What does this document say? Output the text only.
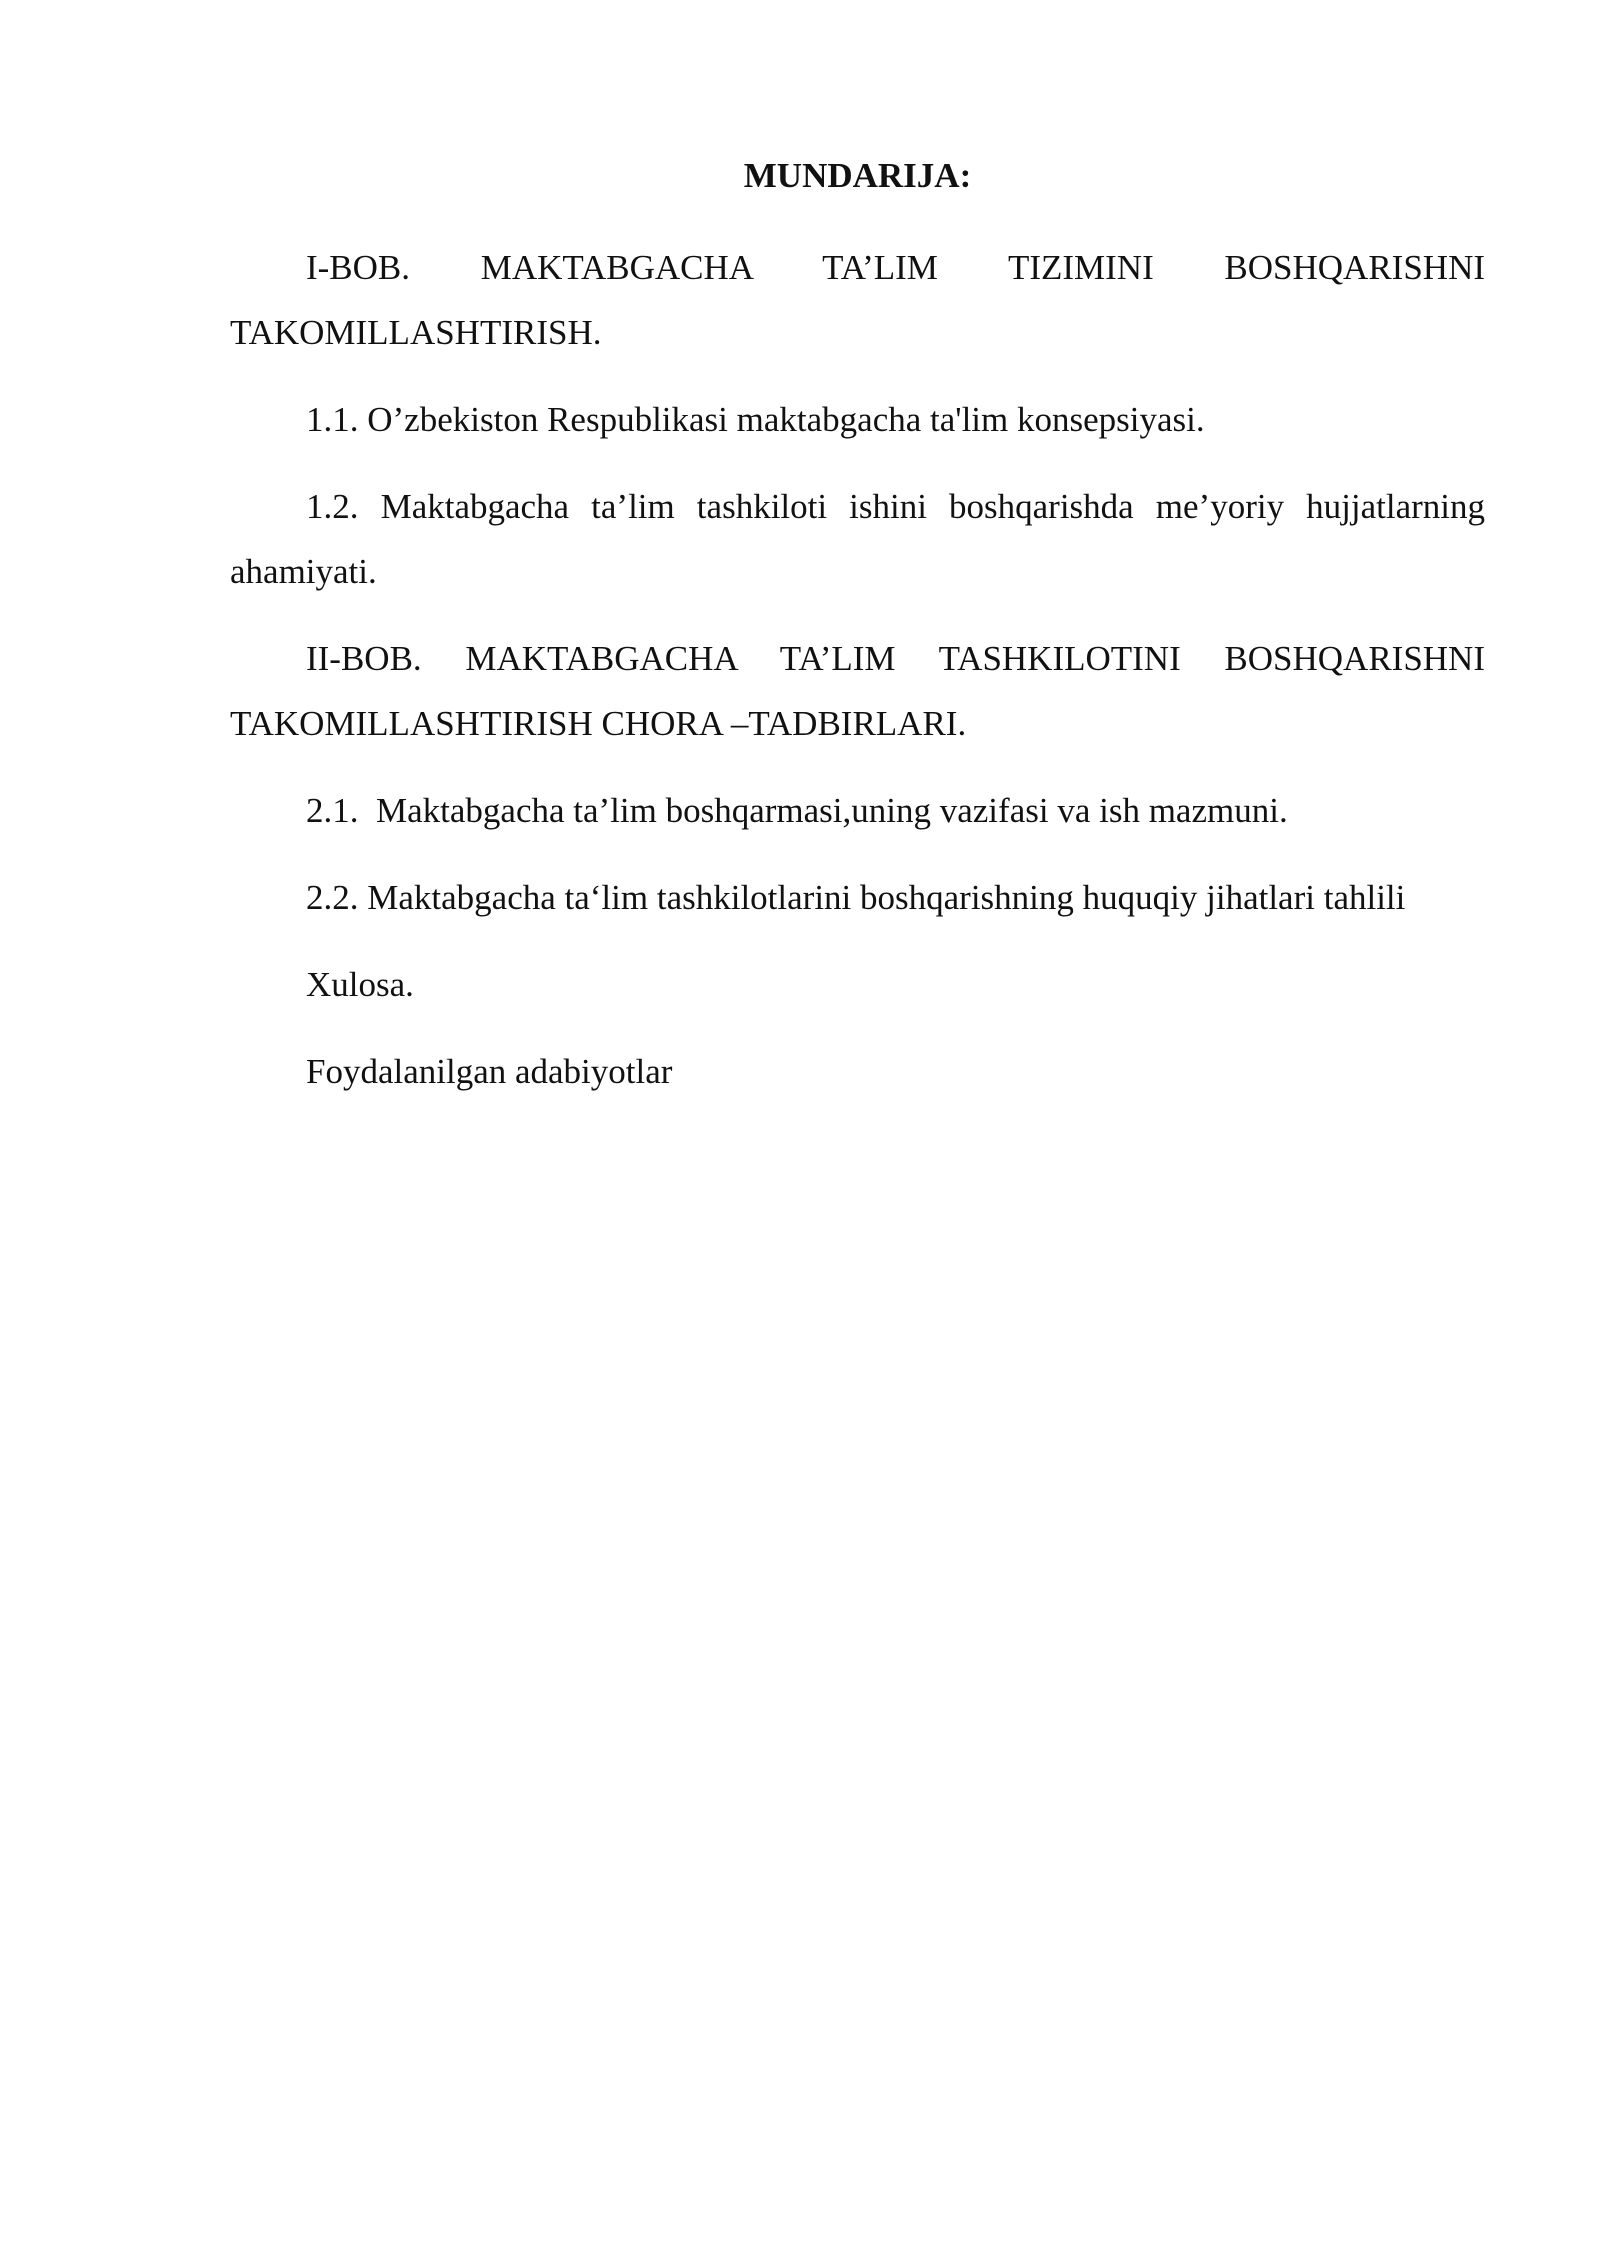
MUNDARIJA:
I-BOB. MAKTABGACHA TA’LIM TIZIMINI BOSHQARISHNI TAKOMILLASHTIRISH.
1.1. O’zbekiston Respublikasi maktabgacha ta'lim konsepsiyasi.
1.2. Maktabgacha ta’lim tashkiloti ishini boshqarishda me’yoriy hujjatlarning ahamiyati.
II-BOB. MAKTABGACHA TA’LIM TASHKILOTINI BOSHQARISHNI TAKOMILLASHTIRISH CHORA –TADBIRLARI.
2.1.  Maktabgacha ta’lim boshqarmasi,uning vazifasi va ish mazmuni.
2.2. Maktabgacha ta‘lim tashkilotlarini boshqarishning huquqiy jihatlari tahlili
Xulosa.
Foydalanilgan adabiyotlar
